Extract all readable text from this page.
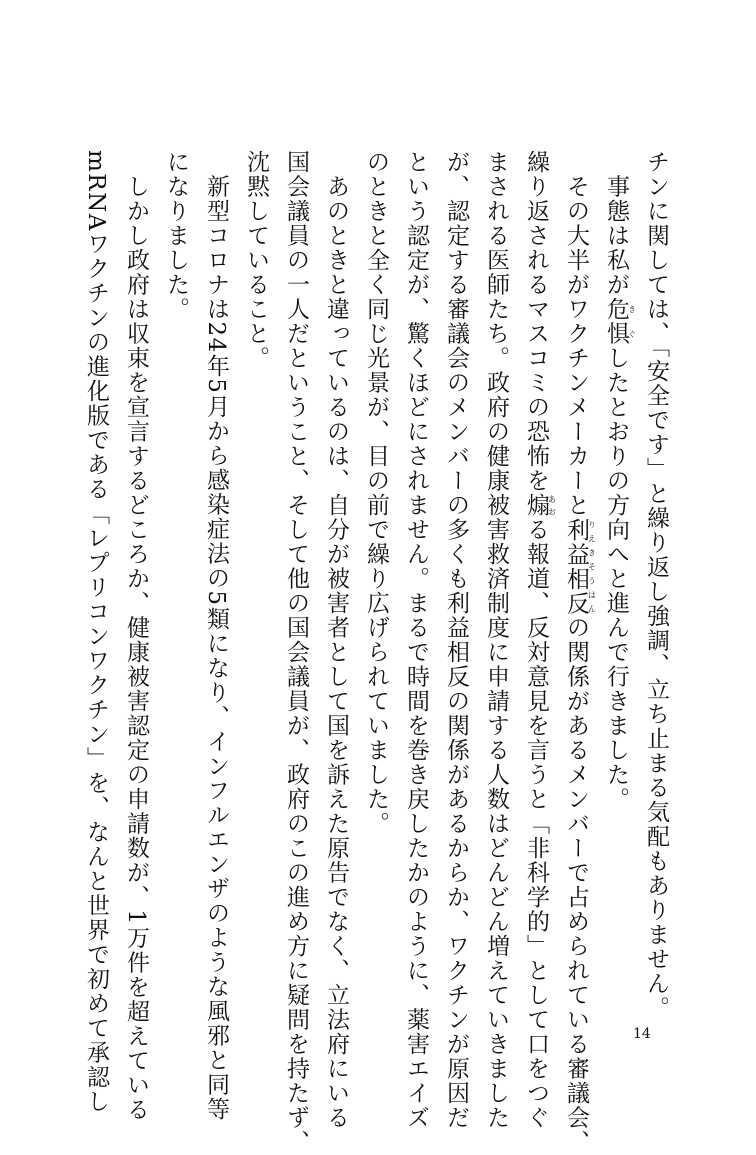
チンに関しては、「安全です」と繰り返し強調、立ち止まる気配もありません。

　事態は私が危惧きぐしたとおりの方向へと進んで行きました。

　その大半がワクチンメーカーと利益相反りえきそうはんの関係があるメンバーで占められている審議会、

繰り返されるマスコミの恐怖を煽あおる報道、反対意見を言うと「非科学的」として口をつぐ

まされる医師たち。政府の健康被害救済制度に申請する人数はどんどん増えていきました

が、認定する審議会のメンバーの多くも利益相反の関係があるからか、ワクチンが原因だ

という認定が、驚くほどにされません。まるで時間を巻き戻したかのように、薬害エイズ

のときと全く同じ光景が、目の前で繰り広げられていました。

　あのときと違っているのは、自分が被害者として国を訴えた原告でなく、立法府にいる

国会議員の一人だということ、そして他の国会議員が、政府のこの進め方に疑問を持たず、

沈黙していること。

　新型コロナは24年5月から感染症法の5類になり、インフルエンザのような風邪と同等

になりました。

　しかし政府は収束を宣言するどころか、健康被害認定の申請数が、1万件を超えている

mRNAワクチンの進化版である「レプリコンワクチン」を、なんと世界で初めて承認し	14
